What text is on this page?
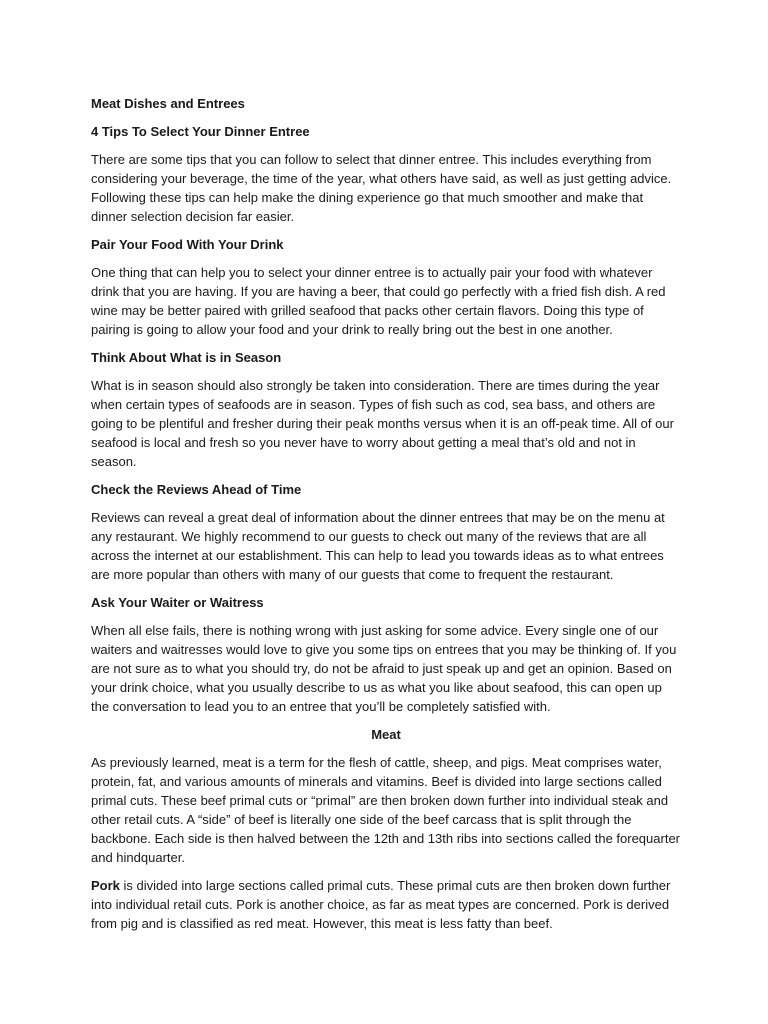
Meat Dishes and Entrees
4 Tips To Select Your Dinner Entree
There are some tips that you can follow to select that dinner entree. This includes everything from considering your beverage, the time of the year, what others have said, as well as just getting advice. Following these tips can help make the dining experience go that much smoother and make that dinner selection decision far easier.
Pair Your Food With Your Drink
One thing that can help you to select your dinner entree is to actually pair your food with whatever drink that you are having. If you are having a beer, that could go perfectly with a fried fish dish. A red wine may be better paired with grilled seafood that packs other certain flavors. Doing this type of pairing is going to allow your food and your drink to really bring out the best in one another.
Think About What is in Season
What is in season should also strongly be taken into consideration. There are times during the year when certain types of seafoods are in season. Types of fish such as cod, sea bass, and others are going to be plentiful and fresher during their peak months versus when it is an off-peak time. All of our seafood is local and fresh so you never have to worry about getting a meal that’s old and not in season.
Check the Reviews Ahead of Time
Reviews can reveal a great deal of information about the dinner entrees that may be on the menu at any restaurant. We highly recommend to our guests to check out many of the reviews that are all across the internet at our establishment. This can help to lead you towards ideas as to what entrees are more popular than others with many of our guests that come to frequent the restaurant.
Ask Your Waiter or Waitress
When all else fails, there is nothing wrong with just asking for some advice. Every single one of our waiters and waitresses would love to give you some tips on entrees that you may be thinking of. If you are not sure as to what you should try, do not be afraid to just speak up and get an opinion. Based on your drink choice, what you usually describe to us as what you like about seafood, this can open up the conversation to lead you to an entree that you’ll be completely satisfied with.
Meat
As previously learned, meat is a term for the flesh of cattle, sheep, and pigs. Meat comprises water, protein, fat, and various amounts of minerals and vitamins. Beef is divided into large sections called primal cuts. These beef primal cuts or “primal” are then broken down further into individual steak and other retail cuts. A “side” of beef is literally one side of the beef carcass that is split through the backbone. Each side is then halved between the 12th and 13th ribs into sections called the forequarter and hindquarter.
Pork is divided into large sections called primal cuts. These primal cuts are then broken down further into individual retail cuts. Pork is another choice, as far as meat types are concerned. Pork is derived from pig and is classified as red meat. However, this meat is less fatty than beef.
